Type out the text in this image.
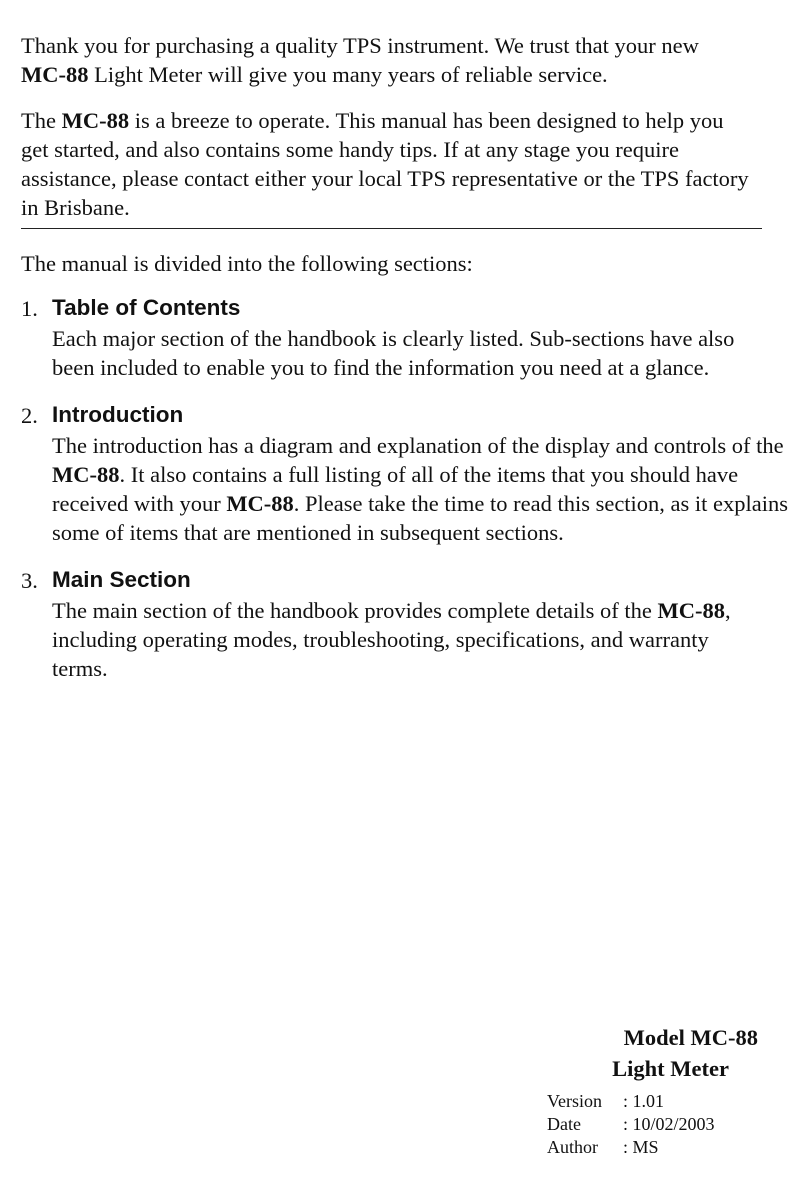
Thank you for purchasing a quality TPS instrument. We trust that your new
MC-88 Light Meter will give you many years of reliable service.

The MC-88 is a breeze to operate. This manual has been designed to help you get started, and also contains some handy tips. If at any stage you require assistance, please contact either your local TPS representative or the TPS factory in Brisbane.

The manual is divided into the following sections:

1. Table of Contents
Each major section of the handbook is clearly listed. Sub-sections have also been included to enable you to find the information you need at a glance.
2. Introduction
The introduction has a diagram and explanation of the display and controls of the MC-88. It also contains a full listing of all of the items that you should have received with your MC-88. Please take the time to read this section, as it explains some of items that are mentioned in subsequent sections.
3. Main Section
The main section of the handbook provides complete details of the MC-88, including operating modes, troubleshooting, specifications, and warranty terms.
Model MC-88
Light Meter
Version	: 1.01
Date	: 10/02/2003
Author	: MS
